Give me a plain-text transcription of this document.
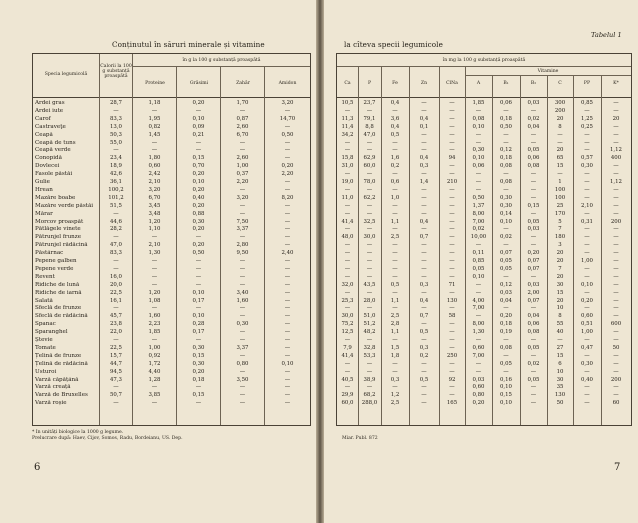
Conținutul în săruri minerale și vitamine
Specia legumicolă
Calorii la 100 g substanță proaspătă
în g la 100 g substanță proaspătă
Proteine	Grăsimi	Zahăr	Amidon
Ardei gras	28,7	1,18	0,20	1,70	3,20
Ardei iute	—	—	—	—	—
Carof	83,3	1,95	0,10	0,87	14,70
Castraveţe	13,0	0,82	0,09	2,60	—
Ceapă	50,3	1,45	0,21	6,70	0,50
Ceapă de tuns	55,0	—	—	—	—
Ceapă verde	—	—	—	—	—
Conopidă	23,4	1,80	0,15	2,60	—
Dovlecei	18,9	0,60	0,70	1,00	0,20
Fasole păstăi	42,6	2,42	0,20	0,37	2,20
Gulie	36,1	2,10	0,10	2,20	—
Hrean	100,2	3,20	0,20	—	—
Mazăre boabe	101,2	6,70	0,40	3,20	8,20
Mazăre verde păstăi	51,5	3,45	0,20	—	—
Mărar	—	3,48	0,88	—	—
Morcov proaspăt	44,6	1,20	0,30	7,50	—
Pătlăgele vinete	28,2	1,10	0,20	3,37	—
Pătrunjel frunze	—	—	—	—	—
Pătrunjel rădăcină	47,0	2,10	0,20	2,80	—
Păstârnac	83,3	1,30	0,50	9,50	2,40
Pepene galben	—	—	—	—	—
Pepene verde	—	—	—	—	—
Revent	16,0	—	—	—	—
Ridiche de lună	20,0	—	—	—	—
Ridiche de iarnă	22,5	1,20	0,10	3,40	—
Salată	16,1	1,08	0,17	1,60	—
Sfeclă de frunze	—	—	—	—	—
Sfeclă de rădăcină	45,7	1,60	0,10	—	—
Spanac	23,8	2,23	0,28	0,30	—
Sparanghel	22,0	1,85	0,17	—	—
Ștevie	—	—	—	—	—
Tomate	22,5	1,00	0,30	3,37	—
Țelină de frunze	15,7	0,92	0,15	—	—
Țelină de rădăcină	44,7	1,72	0,30	0,80	0,10
Usturoi	94,5	4,40	0,20	—	—
Varză căpățână	47,3	1,28	0,18	3,50	—
Varză creață	—	—	—	—	—
Varză de Bruxelles	50,7	3,85	0,15	—	—
Varză roșie	—	—	—	—	—
* In unități biologice la 1000 g legume.
Prelucrare după: Haev, Cijov, Somos, Radu, Bordeianu, US. Dep.
6
Tabelul 1
la cîteva specii legumicole
în mg la 100 g substanță proaspătă
Vitamine
Ca	P	Fe	Zn	ClNa	A	B₁	B₂	C	PP	K*
10,5	23,7	0,4	—	—	1,85	0,06	0,03	300	0,85	—
—	—	—	—	—	—	—	—	200	—	—
11,3	79,1	3,6	0,4	—	0,08	0,18	0,02	20	1,25	20
11,4	8,8	0,4	0,1	—	0,10	0,50	0,04	8	0,25	—
34,2	47,0	0,5	—	—	—	—	—	—	—	—
—	—	—	—	—	—	—	—	—	—	—
—	—	—	—	—	0,30	0,12	0,05	20	—	1,12
15,8	62,9	1,6	0,4	94	0,10	0,18	0,06	65	0,57	400
31,0	60,0	0,2	0,3	—	0,06	0,08	0,08	15	0,30	—
—	—	—	—	—	—	—	—	—	—	—
19,0	78,0	0,6	1,4	210	—	0,08	—	1	—	1,12
—	—	—	—	—	—	—	—	100	—	—
11,0	62,2	1,0	—	—	0,50	0,30	—	100	—	—
—	—	—	—	—	1,37	0,30	0,15	25	2,10	—
—	—	—	—	—	8,00	0,14	—	170	—	—
41,4	32,5	1,1	0,4	—	7,00	0,10	0,05	5	0,31	200
—	—	—	—	—	0,02	—	0,03	7	—	—
48,0	30,0	2,5	0,7	—	10,00	0,02	—	180	—	—
—	—	—	—	—	—	—	—	3	—	—
—	—	—	—	—	0,11	0,07	0,20	20	—	—
—	—	—	—	—	0,85	0,05	0,07	20	1,00	—
—	—	—	—	—	0,05	0,05	0,07	7	—	—
—	—	—	—	—	0,10	—	—	20	—	—
32,0	43,5	0,5	0,3	71	—	0,12	0,03	30	0,10	—
—	—	—	—	—	—	0,03	2,00	15	—	—
25,3	28,0	1,1	0,4	130	4,00	0,04	0,07	20	0,20	—
—	—	—	—	—	7,00	—	—	10	—	—
30,0	51,0	2,5	0,7	58	—	0,20	0,04	8	0,60	—
75,2	51,2	2,8	—	—	8,00	0,18	0,06	55	0,51	600
12,5	48,2	1,1	0,5	—	1,30	0,19	0,08	40	1,00	—
—	—	—	—	—	—	—	—	—	—	—
7,9	32,8	1,5	0,3	—	0,60	0,08	0,05	27	0,47	50
41,4	53,3	1,8	0,2	250	7,00	—	—	15	—	—
—	—	—	—	—	—	0,05	0,02	6	0,30	—
—	—	—	—	—	—	—	—	10	—	—
40,5	38,9	0,3	0,5	92	0,03	0,16	0,05	30	0,40	200
—	—	—	—	—	0,60	0,10	—	35	—	—
29,9	68,2	1,2	—	—	0,80	0,15	—	130	—	—
60,0	288,0	2,5	—	165	0,20	0,10	—	50	—	60
Miar. Publ. 872
7
